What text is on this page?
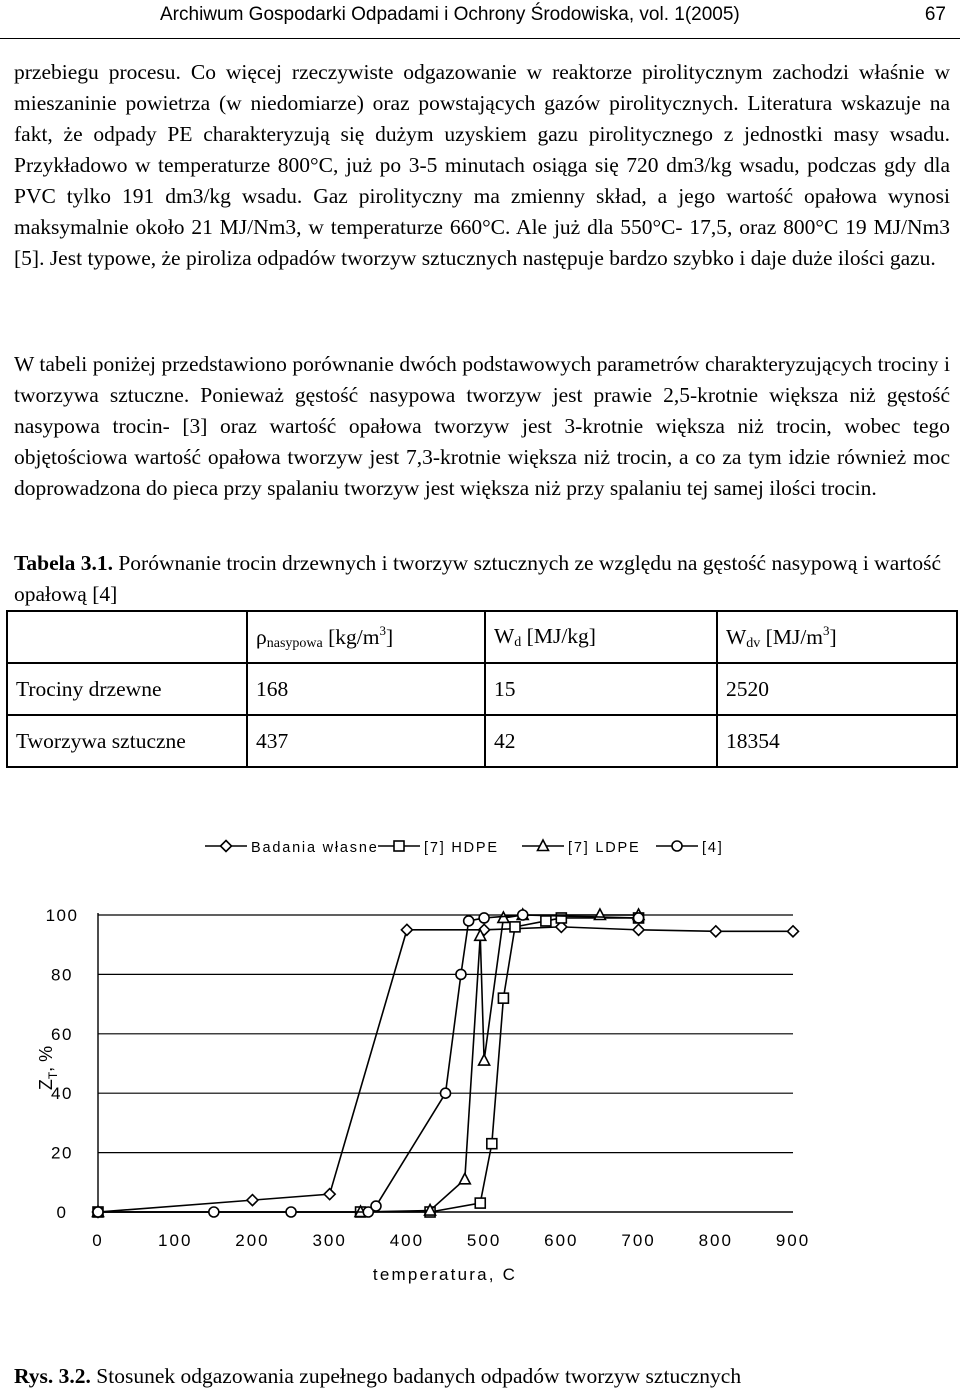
Archiwum Gospodarki Odpadami i Ochrony Środowiska, vol. 1(2005)	67
przebiegu procesu. Co więcej rzeczywiste odgazowanie w reaktorze pirolitycznym zachodzi właśnie w mieszaninie powietrza (w niedomiarze) oraz powstających gazów pirolitycznych. Literatura wskazuje na fakt, że odpady PE charakteryzują się dużym uzyskiem gazu pirolitycznego z jednostki masy wsadu. Przykładowo w temperaturze 800°C, już po 3-5 minutach osiąga się 720 dm3/kg wsadu, podczas gdy dla PVC tylko 191 dm3/kg wsadu. Gaz pirolityczny ma zmienny skład, a jego wartość opałowa wynosi maksymalnie około 21 MJ/Nm3, w temperaturze 660°C. Ale już dla 550°C- 17,5, oraz 800°C 19 MJ/Nm3 [5]. Jest typowe, że piroliza odpadów tworzyw sztucznych następuje bardzo szybko i daje duże ilości gazu.
W tabeli poniżej przedstawiono porównanie dwóch podstawowych parametrów charakteryzujących trociny i tworzywa sztuczne. Ponieważ gęstość nasypowa tworzyw jest prawie 2,5-krotnie większa niż gęstość nasypowa trocin- [3] oraz wartość opałowa tworzyw jest 3-krotnie większa niż trocin, wobec tego objętościowa wartość opałowa tworzyw jest 7,3-krotnie większa niż trocin, a co za tym idzie również moc doprowadzona do pieca przy spalaniu tworzyw jest większa niż przy spalaniu tej samej ilości trocin.
Tabela 3.1. Porównanie trocin drzewnych i tworzyw sztucznych ze względu na gęstość nasypową i wartość opałową [4]
	$\rho_{nasypowa}$ $[kg/m^3]$	$W_d$ [MJ/kg]	$W_{dv}$ $[MJ/m^3]$
Trociny drzewne	168	15	2520
Tworzywa sztuczne	437	42	18354
Badania własne	[7] HDPE	[7] LDPE	[4]
0	100	200	300	400	500	600	700	800	900
0
20
40
60
80
100
temperatura, C
$Z_T$, %
Rys. 3.2. Stosunek odgazowania zupełnego badanych odpadów tworzyw sztucznych
